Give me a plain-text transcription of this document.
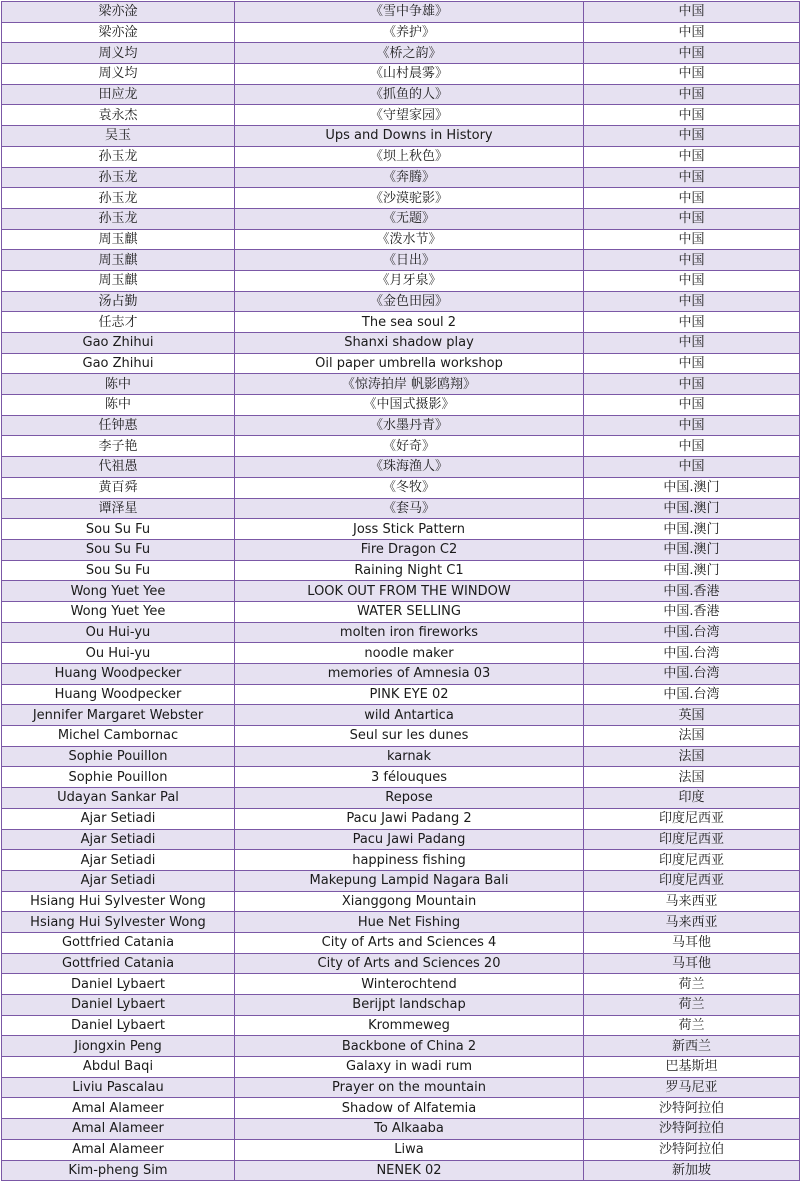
梁亦淦	《雪中争雄》	中国
梁亦淦	《养护》	中国
周义均	《桥之韵》	中国
周义均	《山村晨雾》	中国
田应龙	《抓鱼的人》	中国
袁永杰	《守望家园》	中国
吴玉	Ups and Downs in History	中国
孙玉龙	《坝上秋色》	中国
孙玉龙	《奔腾》	中国
孙玉龙	《沙漠驼影》	中国
孙玉龙	《无题》	中国
周玉麒	《泼水节》	中国
周玉麒	《日出》	中国
周玉麒	《月牙泉》	中国
汤占勤	《金色田园》	中国
任志才	The sea soul 2	中国
Gao Zhihui	Shanxi shadow play	中国
Gao Zhihui	Oil paper umbrella workshop	中国
陈中	《惊涛拍岸 帆影鸥翔》	中国
陈中	《中国式摄影》	中国
任钟惠	《水墨丹青》	中国
李子艳	《好奇》	中国
代祖愚	《珠海渔人》	中国
黄百舜	《冬牧》	中国.澳门
谭泽星	《套马》	中国.澳门
Sou Su Fu	Joss Stick Pattern	中国.澳门
Sou Su Fu	Fire Dragon C2	中国.澳门
Sou Su Fu	Raining Night C1	中国.澳门
Wong Yuet Yee	LOOK OUT FROM THE WINDOW	中国.香港
Wong Yuet Yee	WATER SELLING	中国.香港
Ou Hui-yu	molten iron fireworks	中国.台湾
Ou Hui-yu	noodle maker	中国.台湾
Huang Woodpecker	memories of Amnesia 03	中国.台湾
Huang Woodpecker	PINK EYE 02	中国.台湾
Jennifer Margaret Webster	wild Antartica	英国
Michel Cambornac	Seul sur les dunes	法国
Sophie Pouillon	karnak	法国
Sophie Pouillon	3 félouques	法国
Udayan Sankar Pal	Repose	印度
Ajar Setiadi	Pacu Jawi Padang 2	印度尼西亚
Ajar Setiadi	Pacu Jawi Padang	印度尼西亚
Ajar Setiadi	happiness fishing	印度尼西亚
Ajar Setiadi	Makepung Lampid Nagara Bali	印度尼西亚
Hsiang Hui Sylvester Wong	Xianggong Mountain	马来西亚
Hsiang Hui Sylvester Wong	Hue Net Fishing	马来西亚
Gottfried Catania	City of Arts and Sciences 4	马耳他
Gottfried Catania	City of Arts and Sciences 20	马耳他
Daniel Lybaert	Winterochtend	荷兰
Daniel Lybaert	Berijpt landschap	荷兰
Daniel Lybaert	Krommeweg	荷兰
Jiongxin Peng	Backbone of China 2	新西兰
Abdul Baqi	Galaxy in wadi rum	巴基斯坦
Liviu Pascalau	Prayer on the mountain	罗马尼亚
Amal Alameer	Shadow of Alfatemia	沙特阿拉伯
Amal Alameer	To Alkaaba	沙特阿拉伯
Amal Alameer	Liwa	沙特阿拉伯
Kim-pheng Sim	NENEK 02	新加坡
